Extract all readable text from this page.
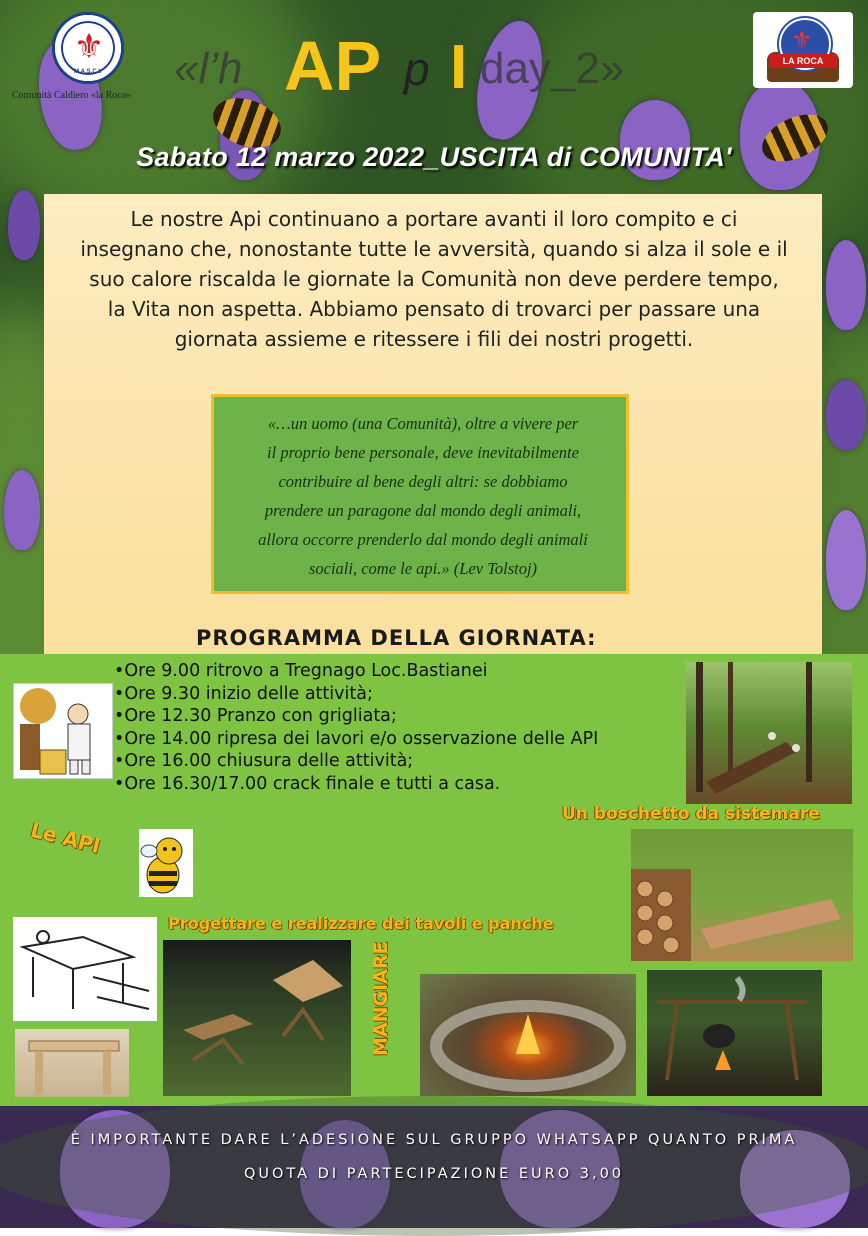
⚜
M.A.S.C.I.
Comunità Caldiero «la Roca»
«l’h AP p I day_2»
⚜	LA ROCA
Sabato 12 marzo 2022_USCITA di COMUNITA'
Le nostre Api continuano a portare avanti il loro compito e ci
insegnano che, nonostante tutte le avversità, quando si alza il sole e il
suo calore riscalda le giornate la Comunità non deve perdere tempo,
la Vita non aspetta. Abbiamo pensato di trovarci per passare una
giornata assieme e ritessere i fili dei nostri progetti.
«…un uomo (una Comunità), oltre a vivere per
il proprio bene personale, deve inevitabilmente
contribuire al bene degli altri: se dobbiamo
prendere un paragone dal mondo degli animali,
allora occorre prenderlo dal mondo degli animali
sociali, come le api.» (Lev Tolstoj)
PROGRAMMA DELLA GIORNATA:
•Ore 9.00 ritrovo a Tregnago Loc.Bastianei
•Ore 9.30 inizio delle attività;
•Ore 12.30 Pranzo con grigliata;
•Ore 14.00 ripresa dei lavori e/o osservazione delle API
•Ore 16.00 chiusura delle attività;
•Ore 16.30/17.00 crack finale e tutti a casa.
Le API
Un boschetto da sistemare
Progettare e realizzare dei tavoli e panche
MANGIARE
È IMPORTANTE DARE L’ADESIONE SUL GRUPPO WHATSAPP QUANTO PRIMA
QUOTA DI PARTECIPAZIONE EURO 3,00
